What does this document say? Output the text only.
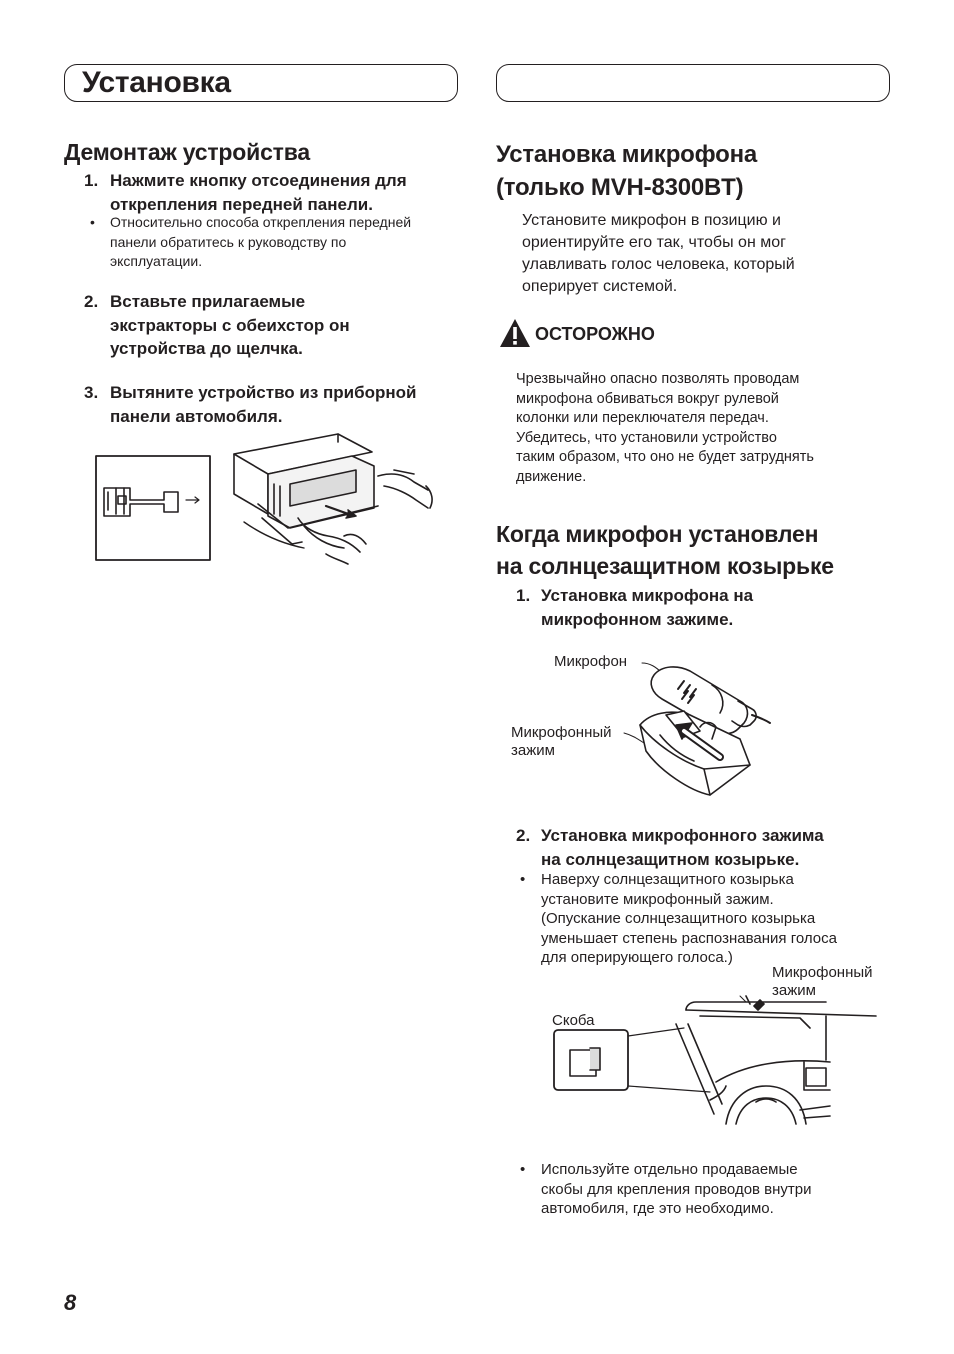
Установка
Демонтаж устройства
1. Нажмите кнопку отсоединения для
открепления передней панели.
• Относительно способа открепления передней
панели обратитесь к руководству по
эксплуатации.
2. Вставьте прилагаемые
экстракторы с обеихстор он
устройства до щелчка.
3. Вытяните устройство из приборной
панели автомобиля.
Установка микрофона
(только MVH-8300BT)
Установите микрофон в позицию и
ориентируйте его так, чтобы он мог
улавливать голос человека, который
оперирует системой.
ОСТОРОЖНО
Чрезвычайно опасно позволять проводам
микрофона обвиваться вокруг рулевой
колонки или переключателя передач.
Убедитесь, что установили устройство
таким образом, что оно не будет затруднять
движение.
Когда микрофон установлен
на солнцезащитном козырьке
1. Установка микрофона на
микрофонном зажиме.
Микрофон
Микрофонный
зажим
2. Установка микрофонного зажима
на солнцезащитном козырьке.
• Наверху солнцезащитного козырька
установите микрофонный зажим.
(Опускание солнцезащитного козырька
уменьшает степень распознавания голоса
для оперирующего голоса.)
Микрофонный
зажим
Скоба
• Используйте отдельно продаваемые
скобы для крепления проводов внутри
автомобиля, где это необходимо.
8
